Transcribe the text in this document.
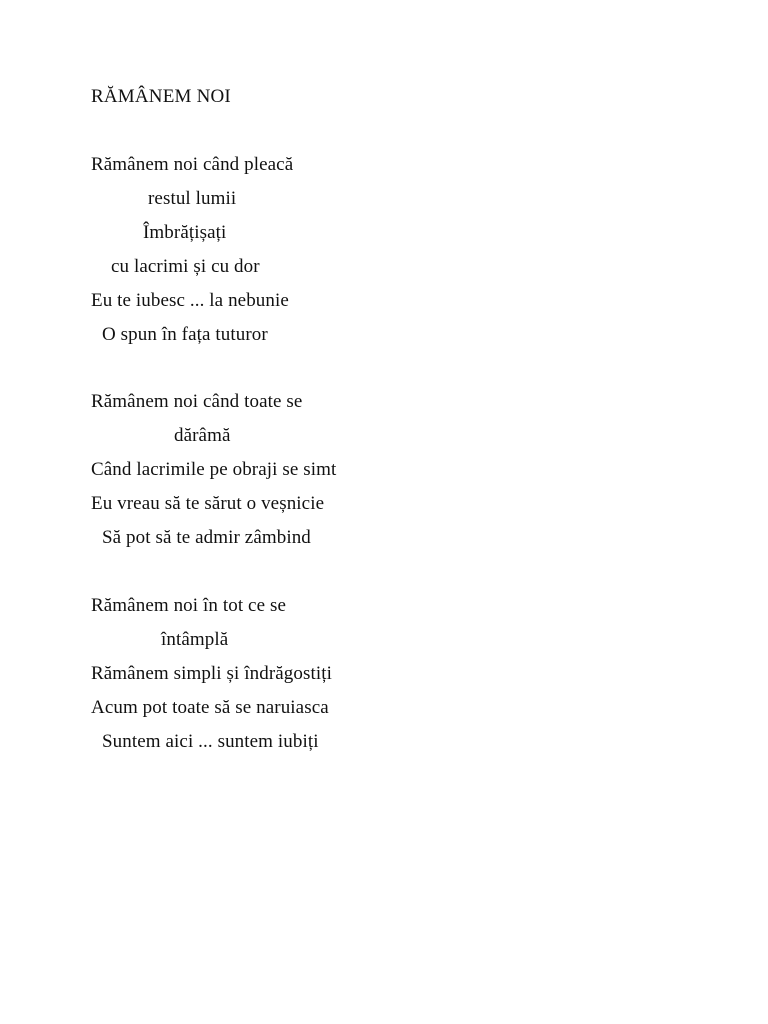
RĂMÂNEM NOI
Rămânem noi când pleacă
restul lumii
Îmbrățișați
cu lacrimi și cu dor
Eu te iubesc ... la nebunie
O spun în fața tuturor
Rămânem noi când toate se
dărâmă
Când lacrimile pe obraji se simt
Eu vreau să te sărut o veșnicie
Să pot să te admir zâmbind
Rămânem noi în tot ce se
întâmplă
Rămânem simpli și îndrăgostiți
Acum pot toate să se naruiasca
Suntem aici ... suntem iubiți
